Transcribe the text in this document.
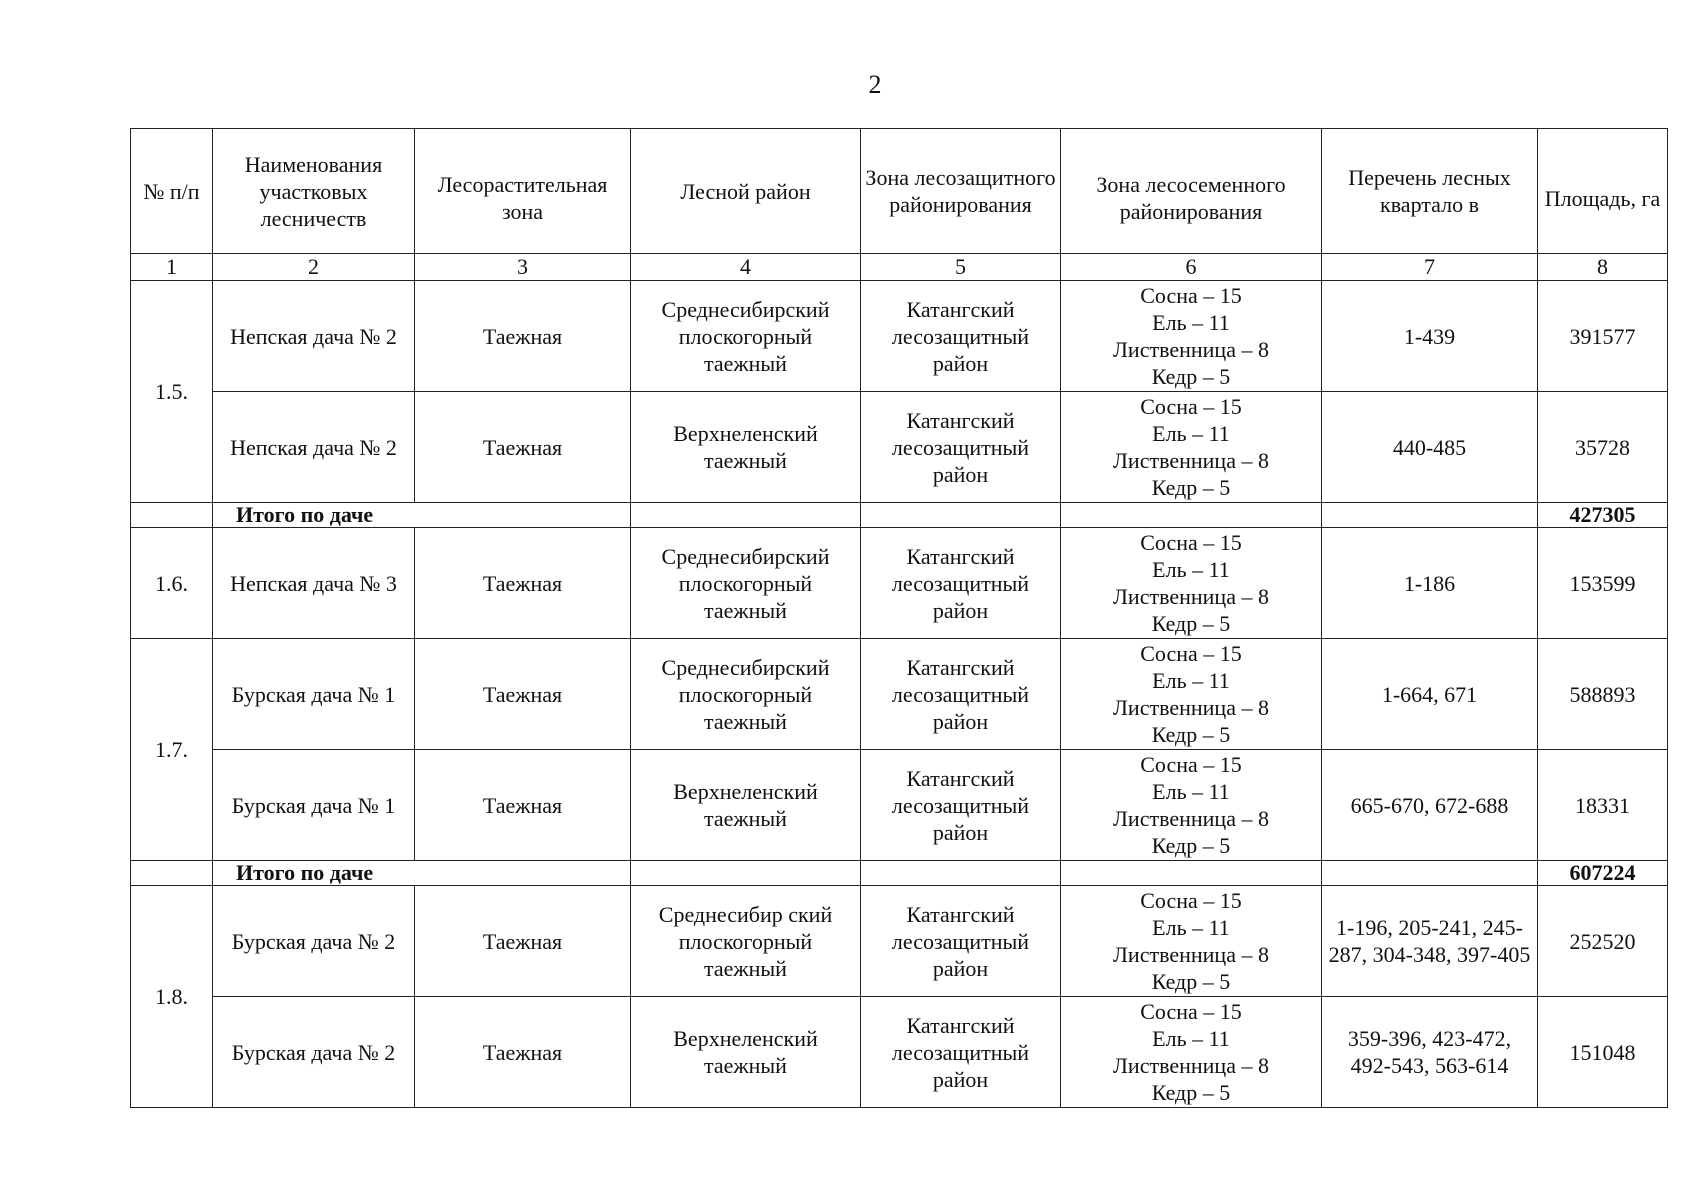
2
№ п/п	Наименования участковых лесничеств	Лесорастительная зона	Лесной район	Зона лесозащитного районирования	Зона лесосеменного районирования	Перечень лесных квартало в	Площадь, га
1	2	3	4	5	6	7	8
1.5.	Непская дача № 2	Таежная	Среднесибирский плоскогорный таежный	Катангский лесозащитный район	Сосна – 15
Ель – 11
Лиственница – 8
Кедр – 5	1-439	391577
	Непская дача № 2	Таежная	Верхнеленский таежный	Катангский лесозащитный район	Сосна – 15
Ель – 11
Лиственница – 8
Кедр – 5	440-485	35728
	Итого по даче						427305
1.6.	Непская дача № 3	Таежная	Среднесибирский плоскогорный таежный	Катангский лесозащитный район	Сосна – 15
Ель – 11
Лиственница – 8
Кедр – 5	1-186	153599
1.7.	Бурская дача № 1	Таежная	Среднесибирский плоскогорный таежный	Катангский лесозащитный район	Сосна – 15
Ель – 11
Лиственница – 8
Кедр – 5	1-664, 671	588893
	Бурская дача № 1	Таежная	Верхнеленский таежный	Катангский лесозащитный район	Сосна – 15
Ель – 11
Лиственница – 8
Кедр – 5	665-670, 672-688	18331
	Итого по даче						607224
1.8.	Бурская дача № 2	Таежная	Среднесибир ский плоскогорный таежный	Катангский лесозащитный район	Сосна – 15
Ель – 11
Лиственница – 8
Кедр – 5	1-196, 205-241, 245-287, 304-348, 397-405	252520
	Бурская дача № 2	Таежная	Верхнеленский таежный	Катангский лесозащитный район	Сосна – 15
Ель – 11
Лиственница – 8
Кедр – 5	359-396, 423-472, 492-543, 563-614	151048
